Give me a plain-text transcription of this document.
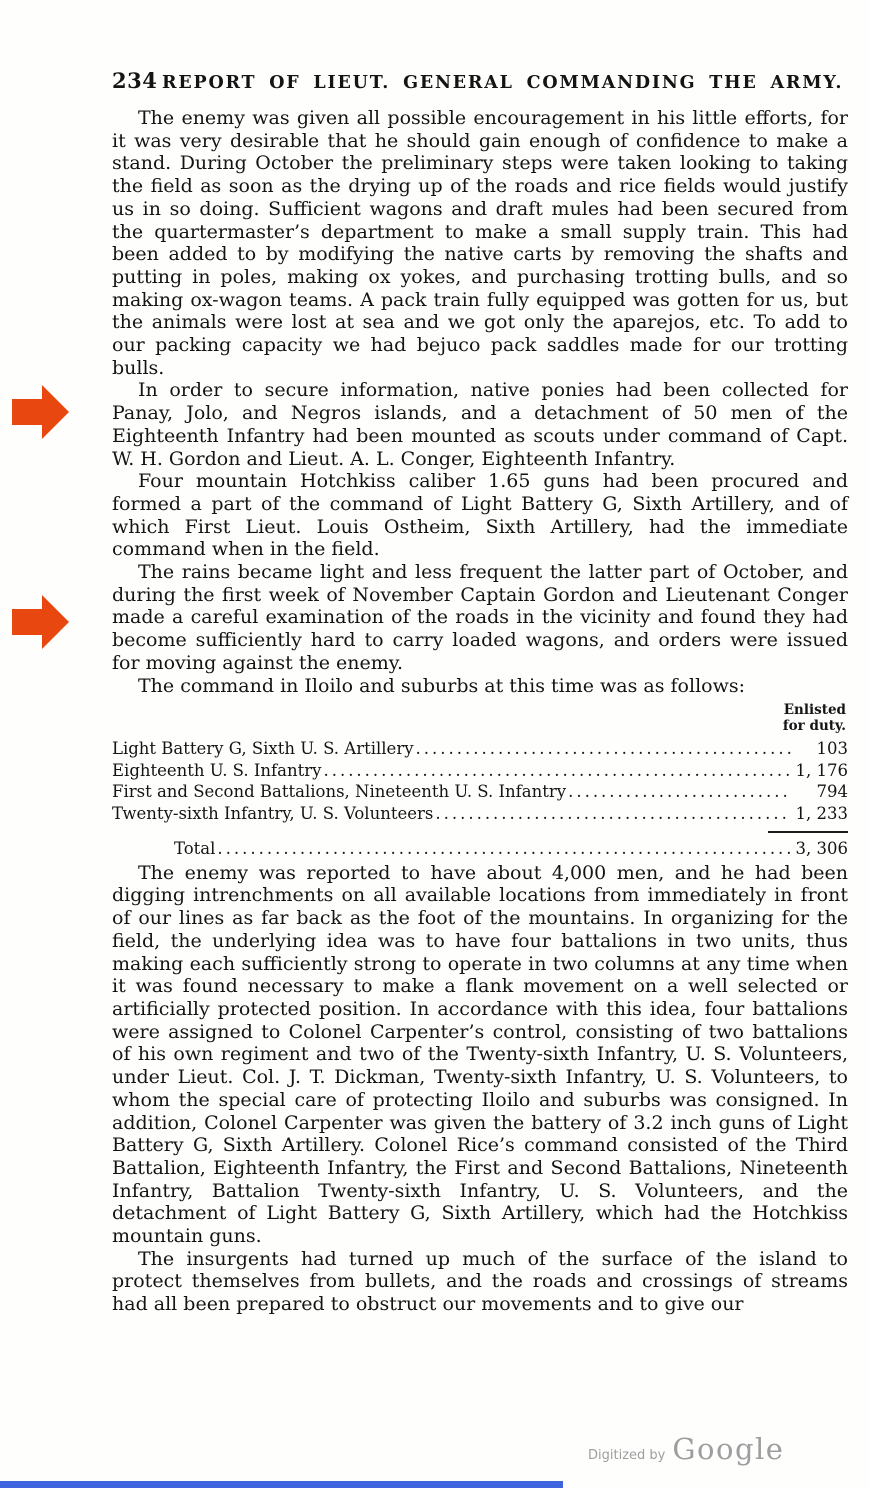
234 REPORT OF LIEUT. GENERAL COMMANDING THE ARMY.

The enemy was given all possible encouragement in his little efforts, for it was very desirable that he should gain enough of confidence to make a stand. During October the preliminary steps were taken looking to taking the field as soon as the drying up of the roads and rice fields would justify us in so doing. Sufficient wagons and draft mules had been secured from the quartermaster’s department to make a small supply train. This had been added to by modifying the native carts by removing the shafts and putting in poles, making ox yokes, and purchasing trotting bulls, and so making ox-wagon teams. A pack train fully equipped was gotten for us, but the animals were lost at sea and we got only the aparejos, etc. To add to our packing capacity we had bejuco pack saddles made for our trotting bulls.

In order to secure information, native ponies had been collected for Panay, Jolo, and Negros islands, and a detachment of 50 men of the Eighteenth Infantry had been mounted as scouts under command of Capt. W. H. Gordon and Lieut. A. L. Conger, Eighteenth Infantry.

Four mountain Hotchkiss caliber 1.65 guns had been procured and formed a part of the command of Light Battery G, Sixth Artillery, and of which First Lieut. Louis Ostheim, Sixth Artillery, had the immediate command when in the field.

The rains became light and less frequent the latter part of October, and during the first week of November Captain Gordon and Lieutenant Conger made a careful examination of the roads in the vicinity and found they had become sufficiently hard to carry loaded wagons, and orders were issued for moving against the enemy.

The command in Iloilo and suburbs at this time was as follows:

Enlisted
for duty.
Light Battery G, Sixth U. S. Artillery .....	103
Eighteenth U. S. Infantry .....	1, 176
First and Second Battalions, Nineteenth U. S. Infantry .....	794
Twenty-sixth Infantry, U. S. Volunteers .....	1, 233
Total .....	3, 306

The enemy was reported to have about 4,000 men, and he had been digging intrenchments on all available locations from immediately in front of our lines as far back as the foot of the mountains. In organizing for the field, the underlying idea was to have four battalions in two units, thus making each sufficiently strong to operate in two columns at any time when it was found necessary to make a flank movement on a well selected or artificially protected position. In accordance with this idea, four battalions were assigned to Colonel Carpenter’s control, consisting of two battalions of his own regiment and two of the Twenty-sixth Infantry, U. S. Volunteers, under Lieut. Col. J. T. Dickman, Twenty-sixth Infantry, U. S. Volunteers, to whom the special care of protecting Iloilo and suburbs was consigned. In addition, Colonel Carpenter was given the battery of 3.2 inch guns of Light Battery G, Sixth Artillery. Colonel Rice’s command consisted of the Third Battalion, Eighteenth Infantry, the First and Second Battalions, Nineteenth Infantry, Battalion Twenty-sixth Infantry, U. S. Volunteers, and the detachment of Light Battery G, Sixth Artillery, which had the Hotchkiss mountain guns.

The insurgents had turned up much of the surface of the island to protect themselves from bullets, and the roads and crossings of streams had all been prepared to obstruct our movements and to give our

Digitized by Google
